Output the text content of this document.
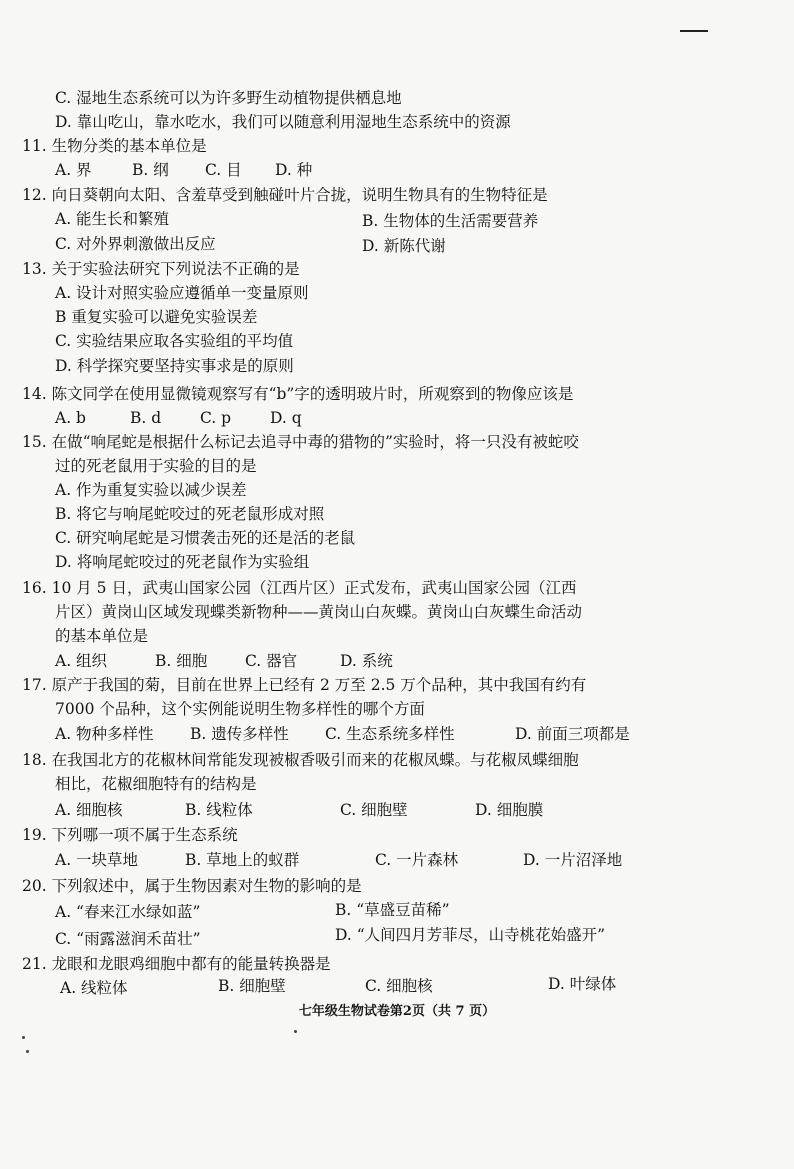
C. 湿地生态系统可以为许多野生动植物提供栖息地
D. 靠山吃山，靠水吃水，我们可以随意利用湿地生态系统中的资源
11. 生物分类的基本单位是
A. 界	B. 纲 C. 目 D. 种
12. 向日葵朝向太阳、含羞草受到触碰叶片合拢，说明生物具有的生物特征是
A. 能生长和繁殖	B. 生物体的生活需要营养
C. 对外界刺激做出反应	D. 新陈代谢
13. 关于实验法研究下列说法不正确的是
A. 设计对照实验应遵循单一变量原则
B 重复实验可以避免实验误差
C. 实验结果应取各实验组的平均值
D. 科学探究要坚持实事求是的原则
14. 陈文同学在使用显微镜观察写有“b”字的透明玻片时，所观察到的物像应该是
A. b	B. d	C. p	D. q
15. 在做“响尾蛇是根据什么标记去追寻中毒的猎物的”实验时，将一只没有被蛇咬
过的死老鼠用于实验的目的是
A. 作为重复实验以减少误差
B. 将它与响尾蛇咬过的死老鼠形成对照
C. 研究响尾蛇是习惯袭击死的还是活的老鼠
D. 将响尾蛇咬过的死老鼠作为实验组
16. 10 月 5 日，武夷山国家公园（江西片区）正式发布，武夷山国家公园（江西
片区）黄岗山区域发现蝶类新物种——黄岗山白灰蝶。黄岗山白灰蝶生命活动
的基本单位是
A. 组织	B. 细胞 C. 器官	D. 系统
17. 原产于我国的菊，目前在世界上已经有 2 万至 2.5 万个品种，其中我国有约有
7000 个品种，这个实例能说明生物多样性的哪个方面
A. 物种多样性 B. 遗传多样性 C. 生态系统多样性	D. 前面三项都是
18. 在我国北方的花椒林间常能发现被椒香吸引而来的花椒凤蝶。与花椒凤蝶细胞
相比，花椒细胞特有的结构是
A. 细胞核	B. 线粒体	C. 细胞壁	D. 细胞膜
19. 下列哪一项不属于生态系统
A. 一块草地	B. 草地上的蚁群	C. 一片森林	D. 一片沼泽地
20. 下列叙述中，属于生物因素对生物的影响的是
A. “春来江水绿如蓝”	B. “草盛豆苗稀”
C. “雨露滋润禾苗壮”	D. “人间四月芳菲尽，山寺桃花始盛开”
21. 龙眼和龙眼鸡细胞中都有的能量转换器是
A. 线粒体	B. 细胞壁	C. 细胞核	D. 叶绿体
七年级生物试卷第2页（共 7 页）
